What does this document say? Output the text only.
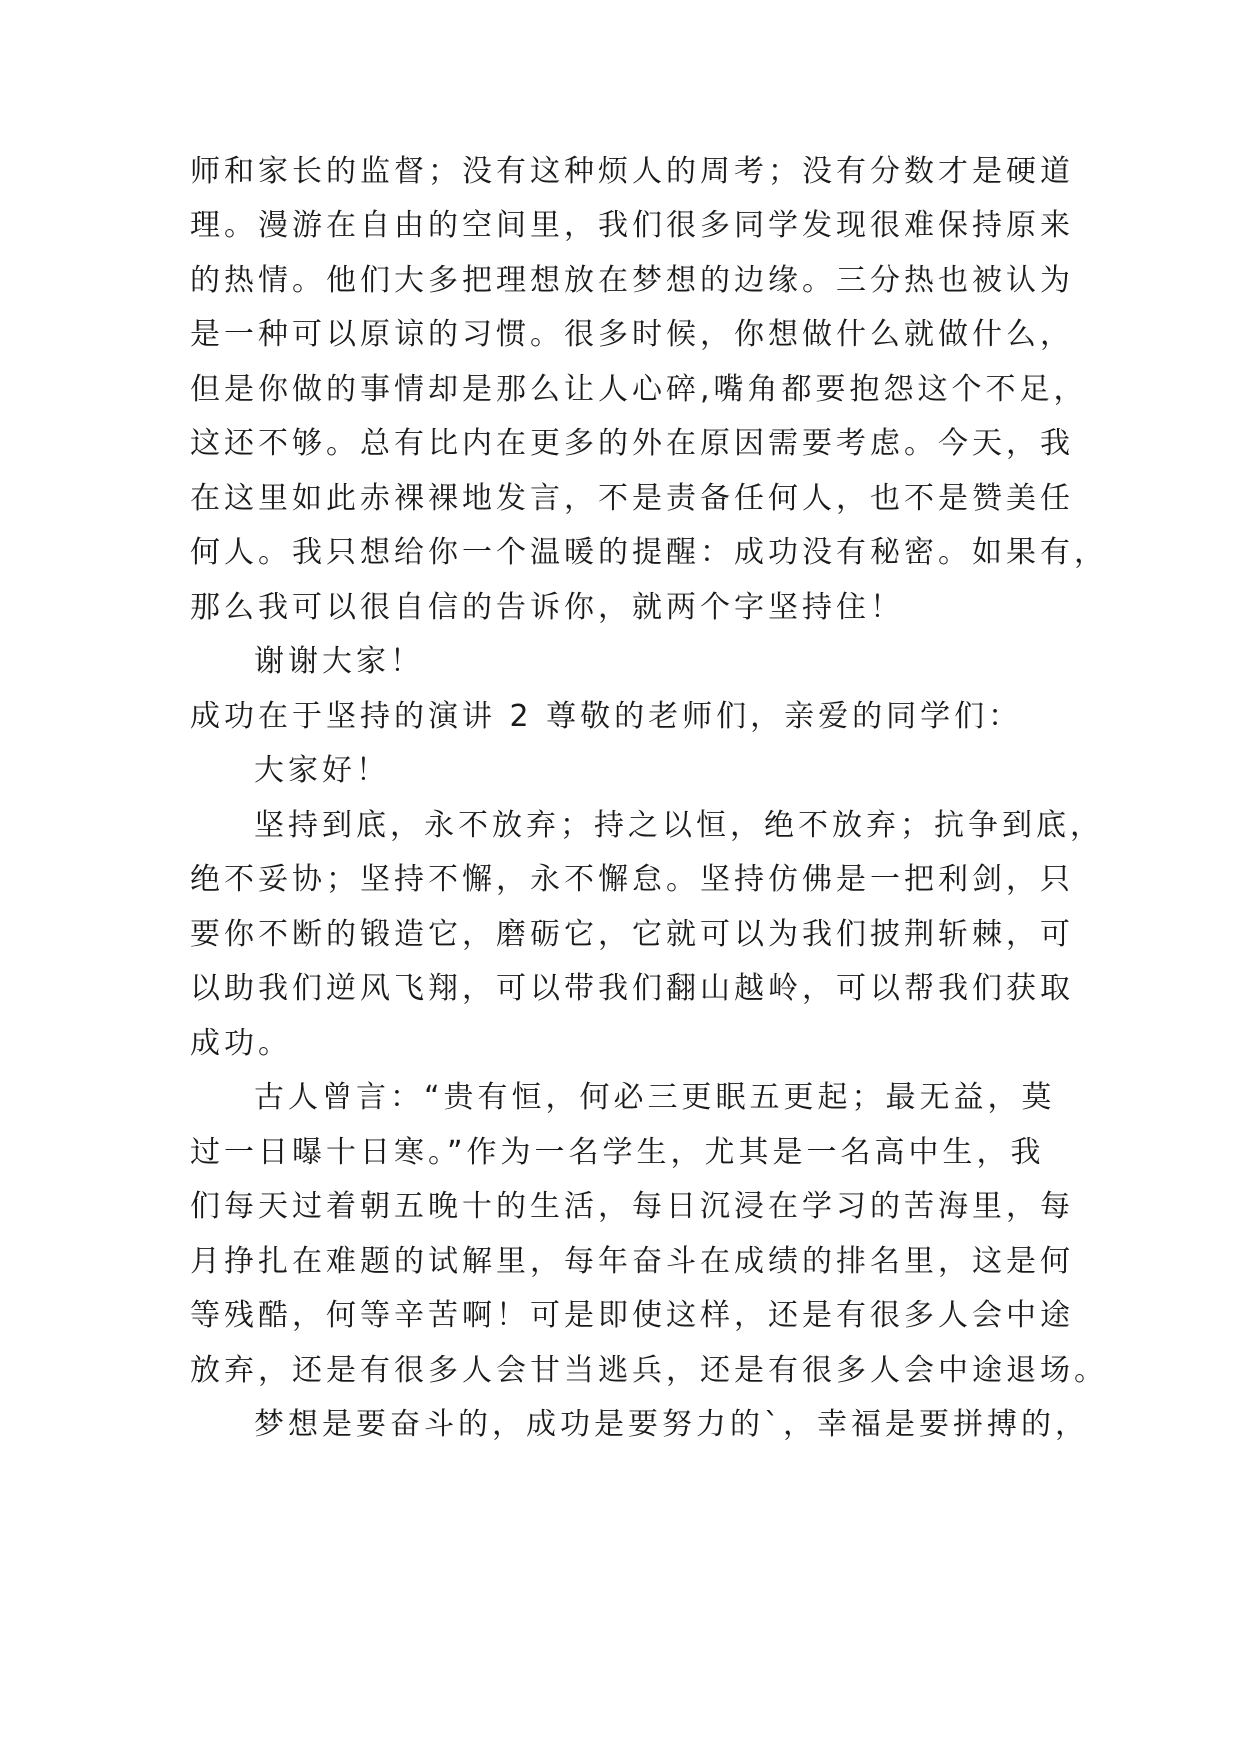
师和家长的监督；没有这种烦人的周考；没有分数才是硬道
理。漫游在自由的空间里，我们很多同学发现很难保持原来
的热情。他们大多把理想放在梦想的边缘。三分热也被认为
是一种可以原谅的习惯。很多时候，你想做什么就做什么，
但是你做的事情却是那么让人心碎,嘴角都要抱怨这个不足，
这还不够。总有比内在更多的外在原因需要考虑。今天，我
在这里如此赤裸裸地发言，不是责备任何人，也不是赞美任
何人。我只想给你一个温暖的提醒：成功没有秘密。如果有，
那么我可以很自信的告诉你，就两个字坚持住！
谢谢大家！
成功在于坚持的演讲 2 尊敬的老师们，亲爱的同学们：
大家好！
坚持到底，永不放弃；持之以恒，绝不放弃；抗争到底，
绝不妥协；坚持不懈，永不懈怠。坚持仿佛是一把利剑，只
要你不断的锻造它，磨砺它，它就可以为我们披荆斩棘，可
以助我们逆风飞翔，可以带我们翻山越岭，可以帮我们获取
成功。
古人曾言：“贵有恒，何必三更眠五更起；最无益，莫
过一日曝十日寒。”作为一名学生，尤其是一名高中生，我
们每天过着朝五晚十的生活，每日沉浸在学习的苦海里，每
月挣扎在难题的试解里，每年奋斗在成绩的排名里，这是何
等残酷，何等辛苦啊！可是即使这样，还是有很多人会中途
放弃，还是有很多人会甘当逃兵，还是有很多人会中途退场。
梦想是要奋斗的，成功是要努力的`，幸福是要拼搏的，
